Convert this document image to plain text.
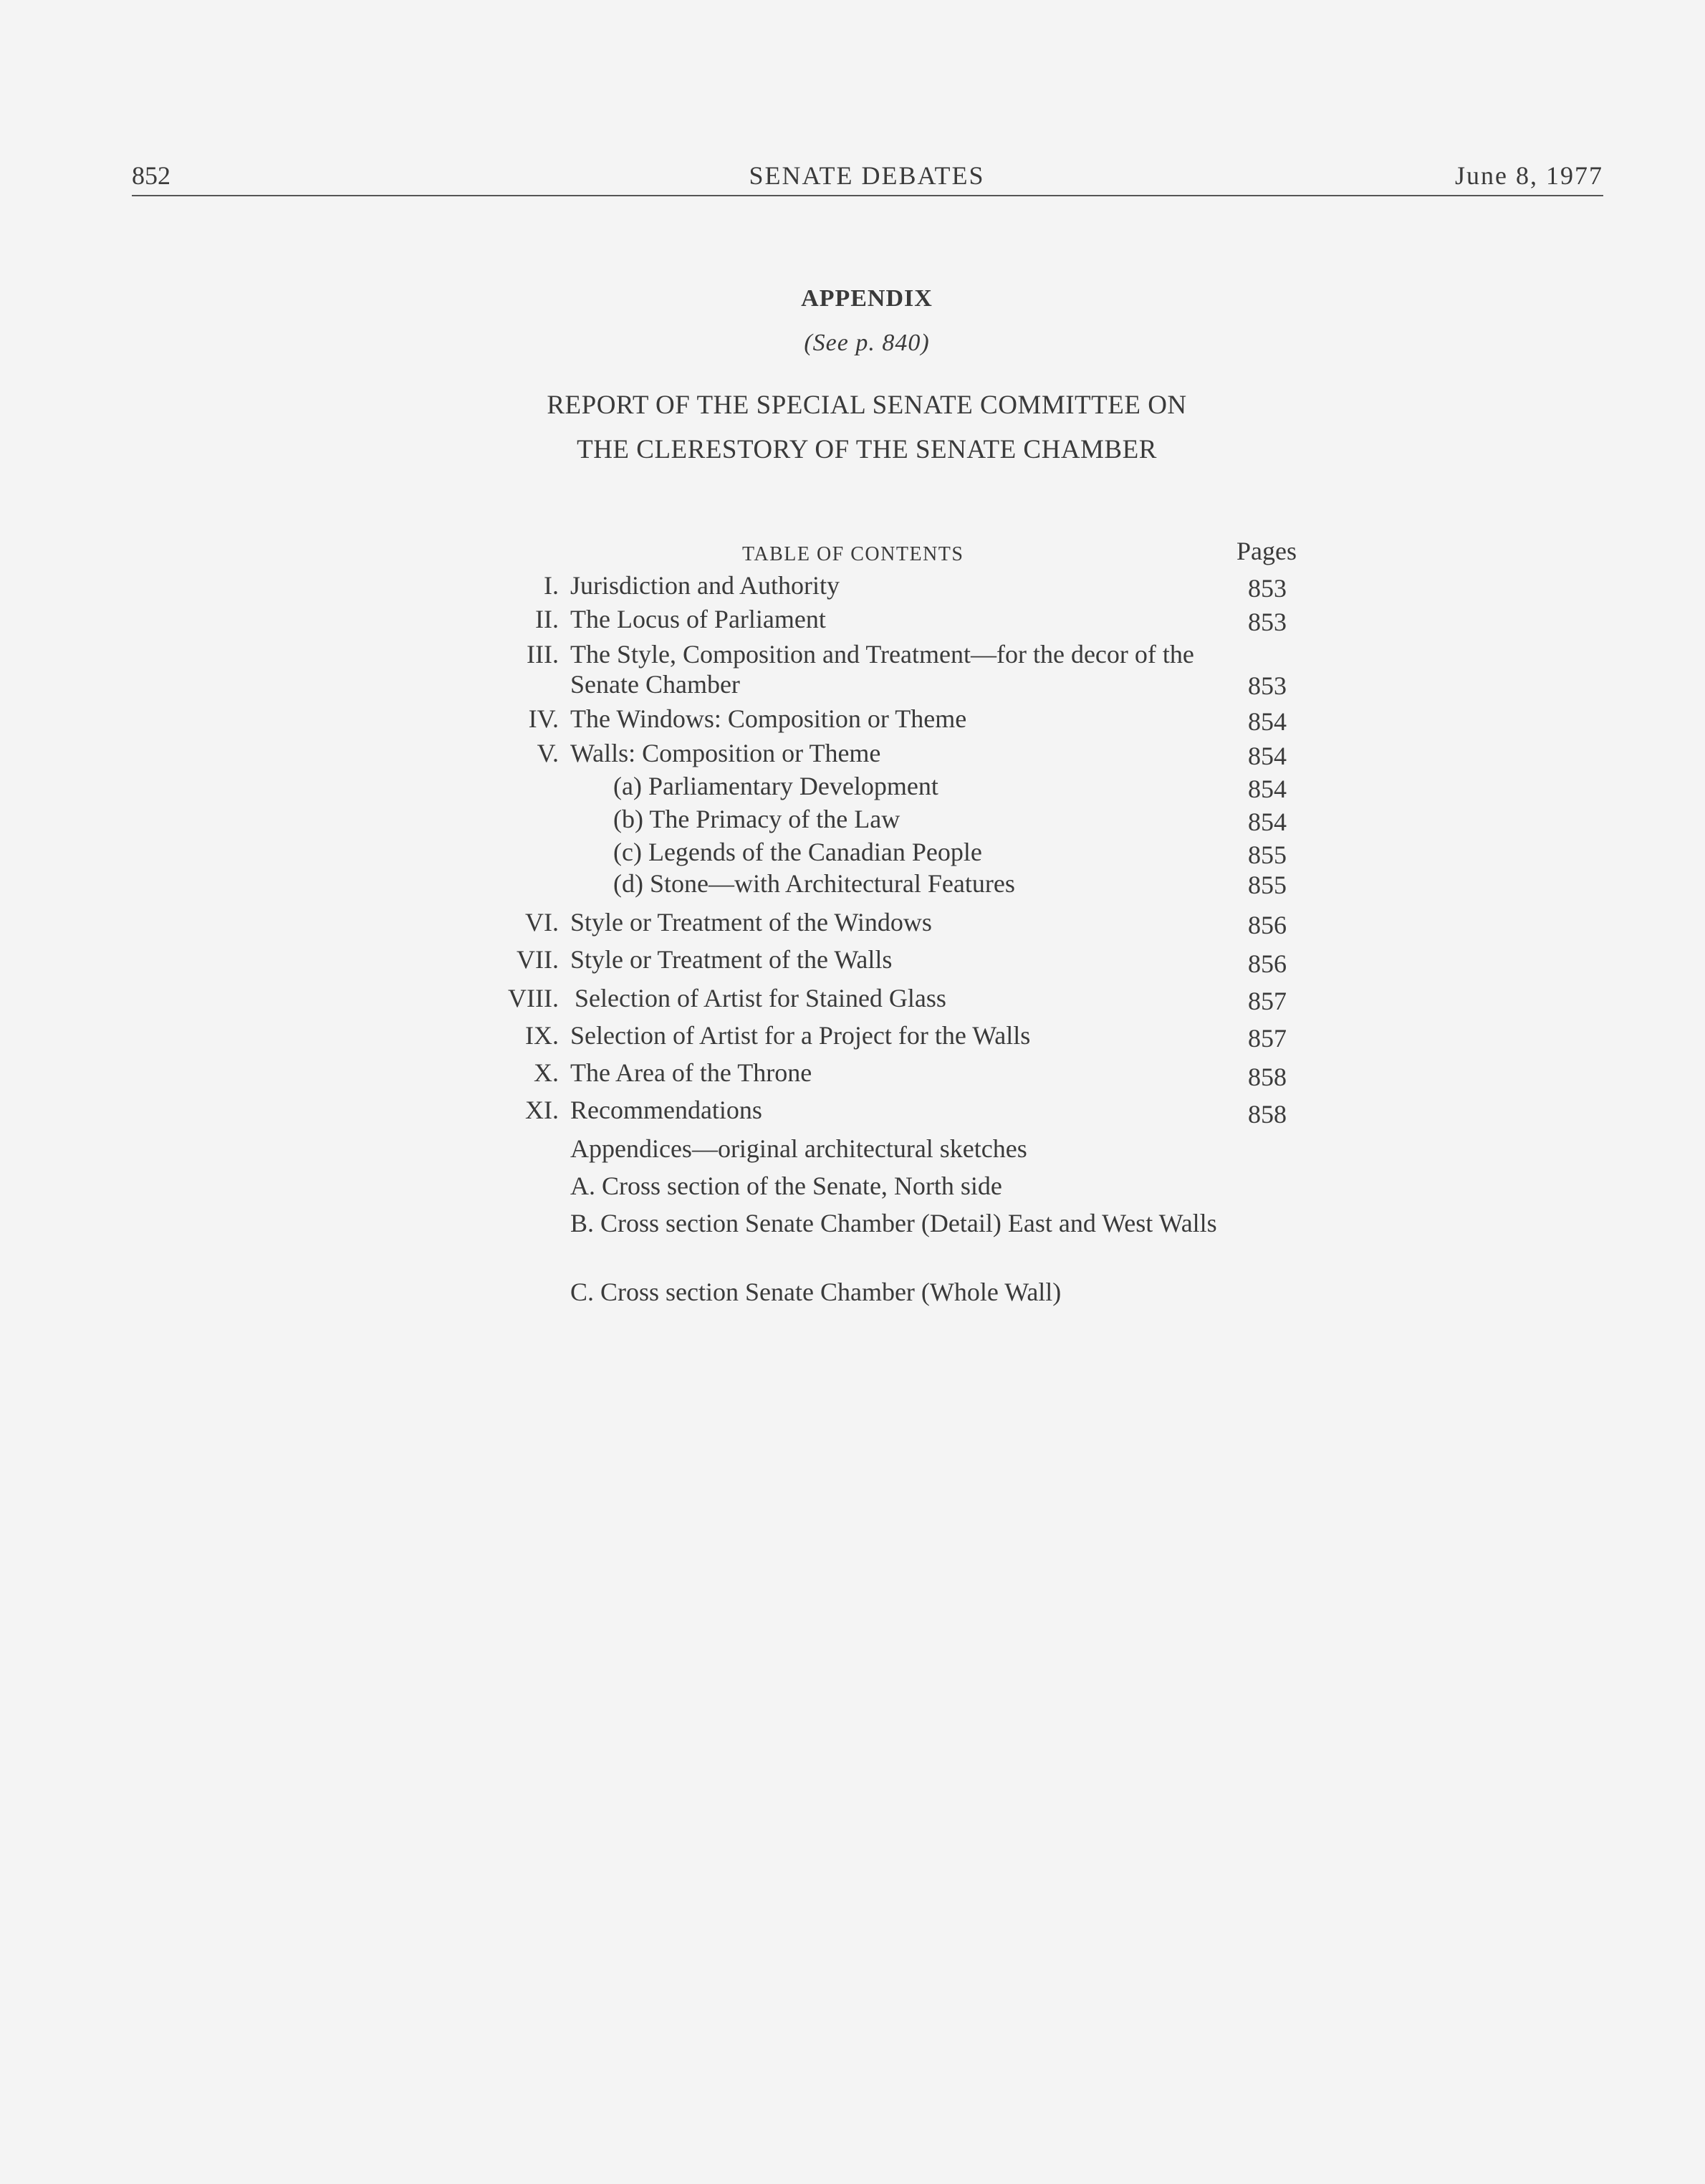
852	SENATE DEBATES	June 8, 1977
APPENDIX
(See p. 840)
REPORT OF THE SPECIAL SENATE COMMITTEE ON
THE CLERESTORY OF THE SENATE CHAMBER
TABLE OF CONTENTS	Pages
I. Jurisdiction and Authority	853
II. The Locus of Parliament	853
III. The Style, Composition and Treatment—for the decor of the Senate Chamber	853
IV. The Windows: Composition or Theme	854
V. Walls: Composition or Theme	854
(a) Parliamentary Development	854
(b) The Primacy of the Law	854
(c) Legends of the Canadian People	855
(d) Stone—with Architectural Features	855
VI. Style or Treatment of the Windows	856
VII. Style or Treatment of the Walls	856
VIII. Selection of Artist for Stained Glass	857
IX. Selection of Artist for a Project for the Walls	857
X. The Area of the Throne	858
XI. Recommendations	858
Appendices—original architectural sketches
A. Cross section of the Senate, North side
B. Cross section Senate Chamber (Detail) East and West Walls
C. Cross section Senate Chamber (Whole Wall)
